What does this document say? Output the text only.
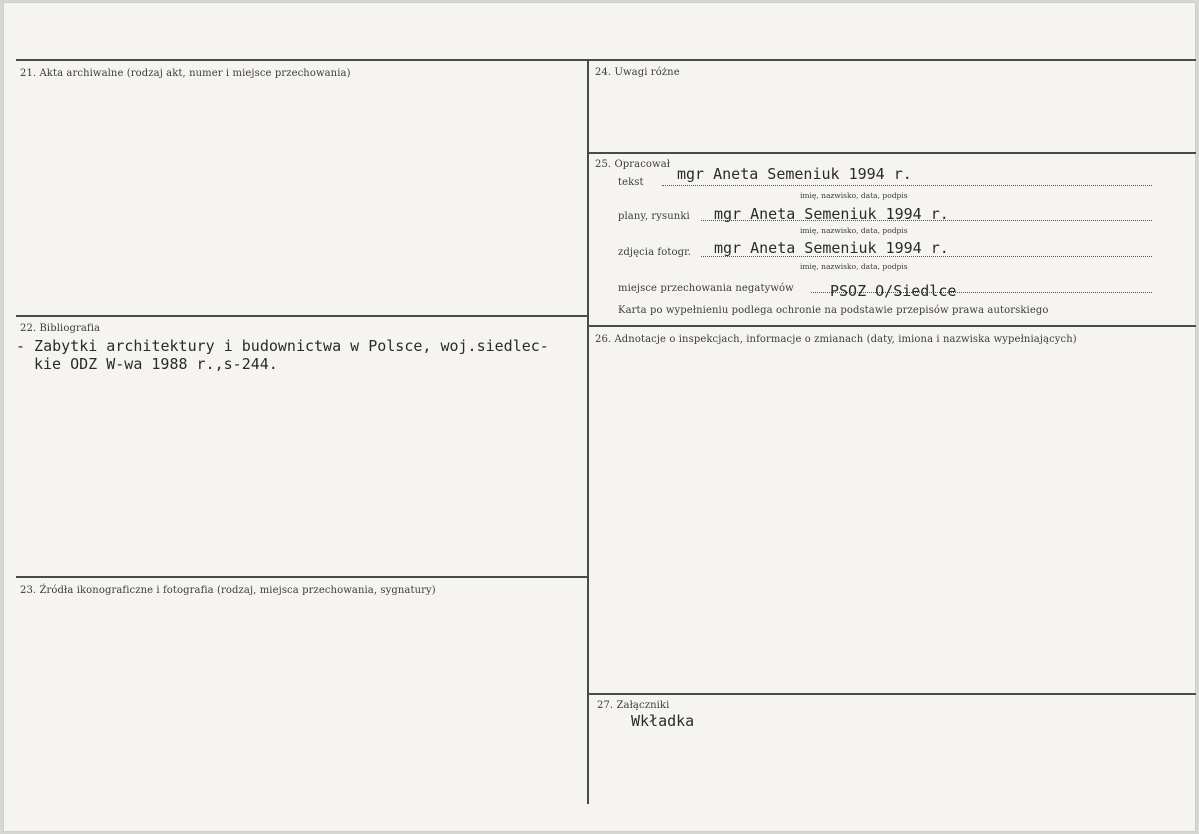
21. Akta archiwalne (rodzaj akt, numer i miejsce przechowania)
22. Bibliografia
- Zabytki architektury i budownictwa w Polsce, woj.siedlec-
kie ODZ W-wa 1988 r.,s-244.
23. Źródła ikonograficzne i fotografia (rodzaj, miejsca przechowania, sygnatury)
24. Uwagi różne
25. Opracował
tekst mgr Aneta Semeniuk 1994 r.
imię, nazwisko, data, podpis
plany, rysunki mgr Aneta Semeniuk 1994 r.
imię, nazwisko, data, podpis
zdjęcia fotogr. mgr Aneta Semeniuk 1994 r.
imię, nazwisko, data, podpis
miejsce przechowania negatywów PSOZ O/Siedlce
Karta po wypełnieniu podlega ochronie na podstawie przepisów prawa autorskiego
26. Adnotacje o inspekcjach, informacje o zmianach (daty, imiona i nazwiska wypełniających)
27. Załączniki
Wkładka
